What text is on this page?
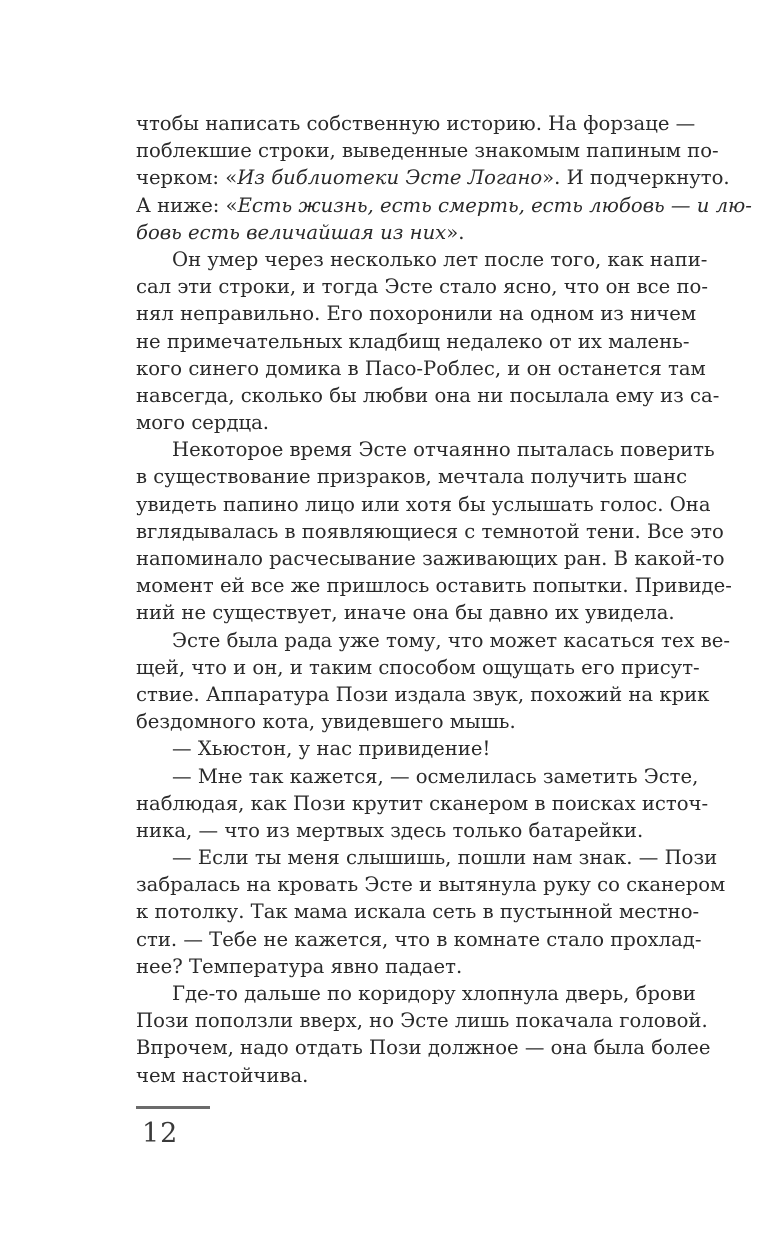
чтобы написать собственную историю. На форзаце —
поблекшие строки, выведенные знакомым папиным по-
черком: «Из библиотеки Эсте Логано». И подчеркнуто.
А ниже: «Есть жизнь, есть смерть, есть любовь — и лю-
бовь есть величайшая из них».
Он умер через несколько лет после того, как напи-
сал эти строки, и тогда Эсте стало ясно, что он все по-
нял неправильно. Его похоронили на одном из ничем
не примечательных кладбищ недалеко от их малень-
кого синего домика в Пасо-Роблес, и он останется там
навсегда, сколько бы любви она ни посылала ему из са-
мого сердца.
Некоторое время Эсте отчаянно пыталась поверить
в существование призраков, мечтала получить шанс
увидеть папино лицо или хотя бы услышать голос. Она
вглядывалась в появляющиеся с темнотой тени. Все это
напоминало расчесывание заживающих ран. В какой-то
момент ей все же пришлось оставить попытки. Привиде-
ний не существует, иначе она бы давно их увидела.
Эсте была рада уже тому, что может касаться тех ве-
щей, что и он, и таким способом ощущать его присут-
ствие. Аппаратура Пози издала звук, похожий на крик
бездомного кота, увидевшего мышь.
— Хьюстон, у нас привидение!
— Мне так кажется, — осмелилась заметить Эсте,
наблюдая, как Пози крутит сканером в поисках источ-
ника, — что из мертвых здесь только батарейки.
— Если ты меня слышишь, пошли нам знак. — Пози
забралась на кровать Эсте и вытянула руку со сканером
к потолку. Так мама искала сеть в пустынной местно-
сти. — Тебе не кажется, что в комнате стало прохлад-
нее? Температура явно падает.
Где-то дальше по коридору хлопнула дверь, брови
Пози поползли вверх, но Эсте лишь покачала головой.
Впрочем, надо отдать Пози должное — она была более
чем настойчива.
12
